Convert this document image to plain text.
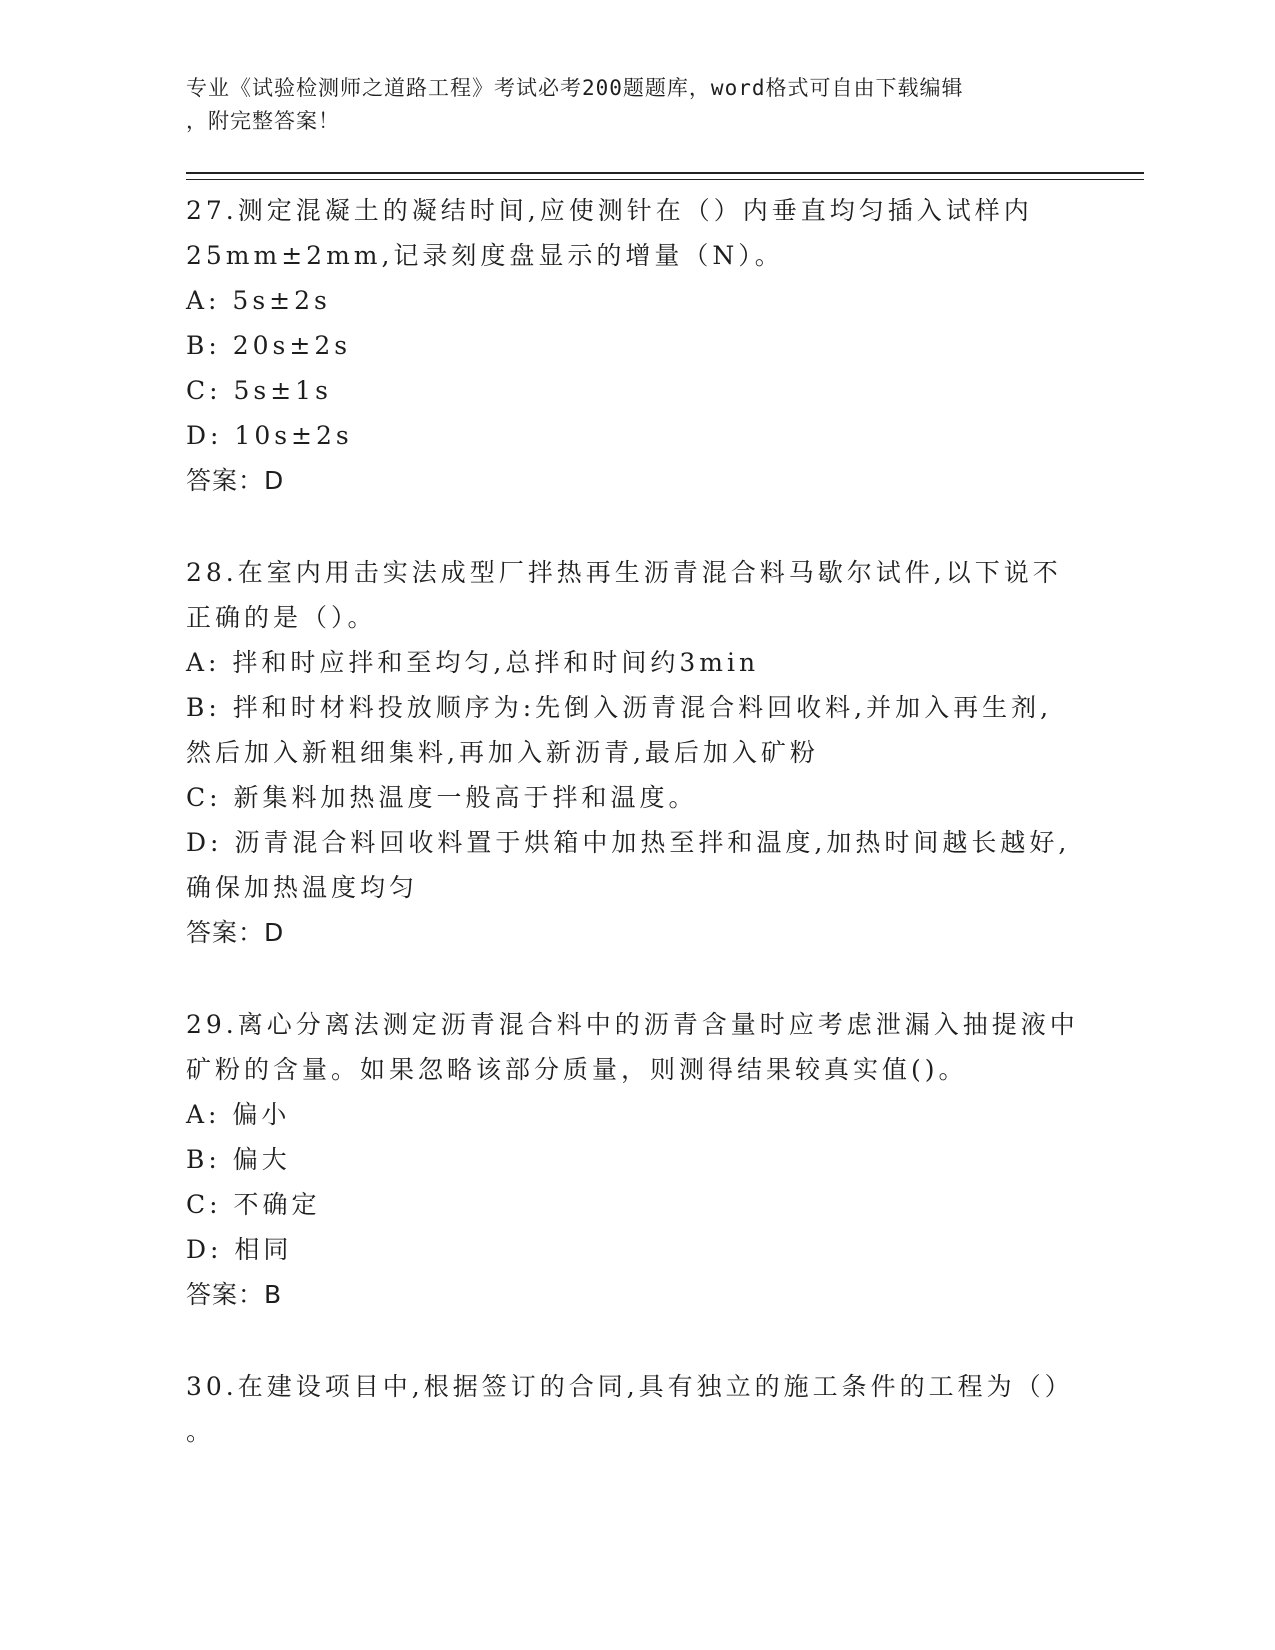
专业《试验检测师之道路工程》考试必考200题题库，word格式可自由下载编辑
，附完整答案！
27.测定混凝土的凝结时间,应使测针在（）内垂直均匀插入试样内
25mm±2mm,记录刻度盘显示的增量（N）。
A: 5s±2s
B: 20s±2s
C: 5s±1s
D: 10s±2s
答案：D
28.在室内用击实法成型厂拌热再生沥青混合料马歇尔试件,以下说不
正确的是（）。
A: 拌和时应拌和至均匀,总拌和时间约3min
B: 拌和时材料投放顺序为:先倒入沥青混合料回收料,并加入再生剂,
然后加入新粗细集料,再加入新沥青,最后加入矿粉
C: 新集料加热温度一般高于拌和温度。
D: 沥青混合料回收料置于烘箱中加热至拌和温度,加热时间越长越好,
确保加热温度均匀
答案：D
29.离心分离法测定沥青混合料中的沥青含量时应考虑泄漏入抽提液中
矿粉的含量。如果忽略该部分质量，则测得结果较真实值()。
A: 偏小
B: 偏大
C: 不确定
D: 相同
答案：B
30.在建设项目中,根据签订的合同,具有独立的施工条件的工程为（）
。
